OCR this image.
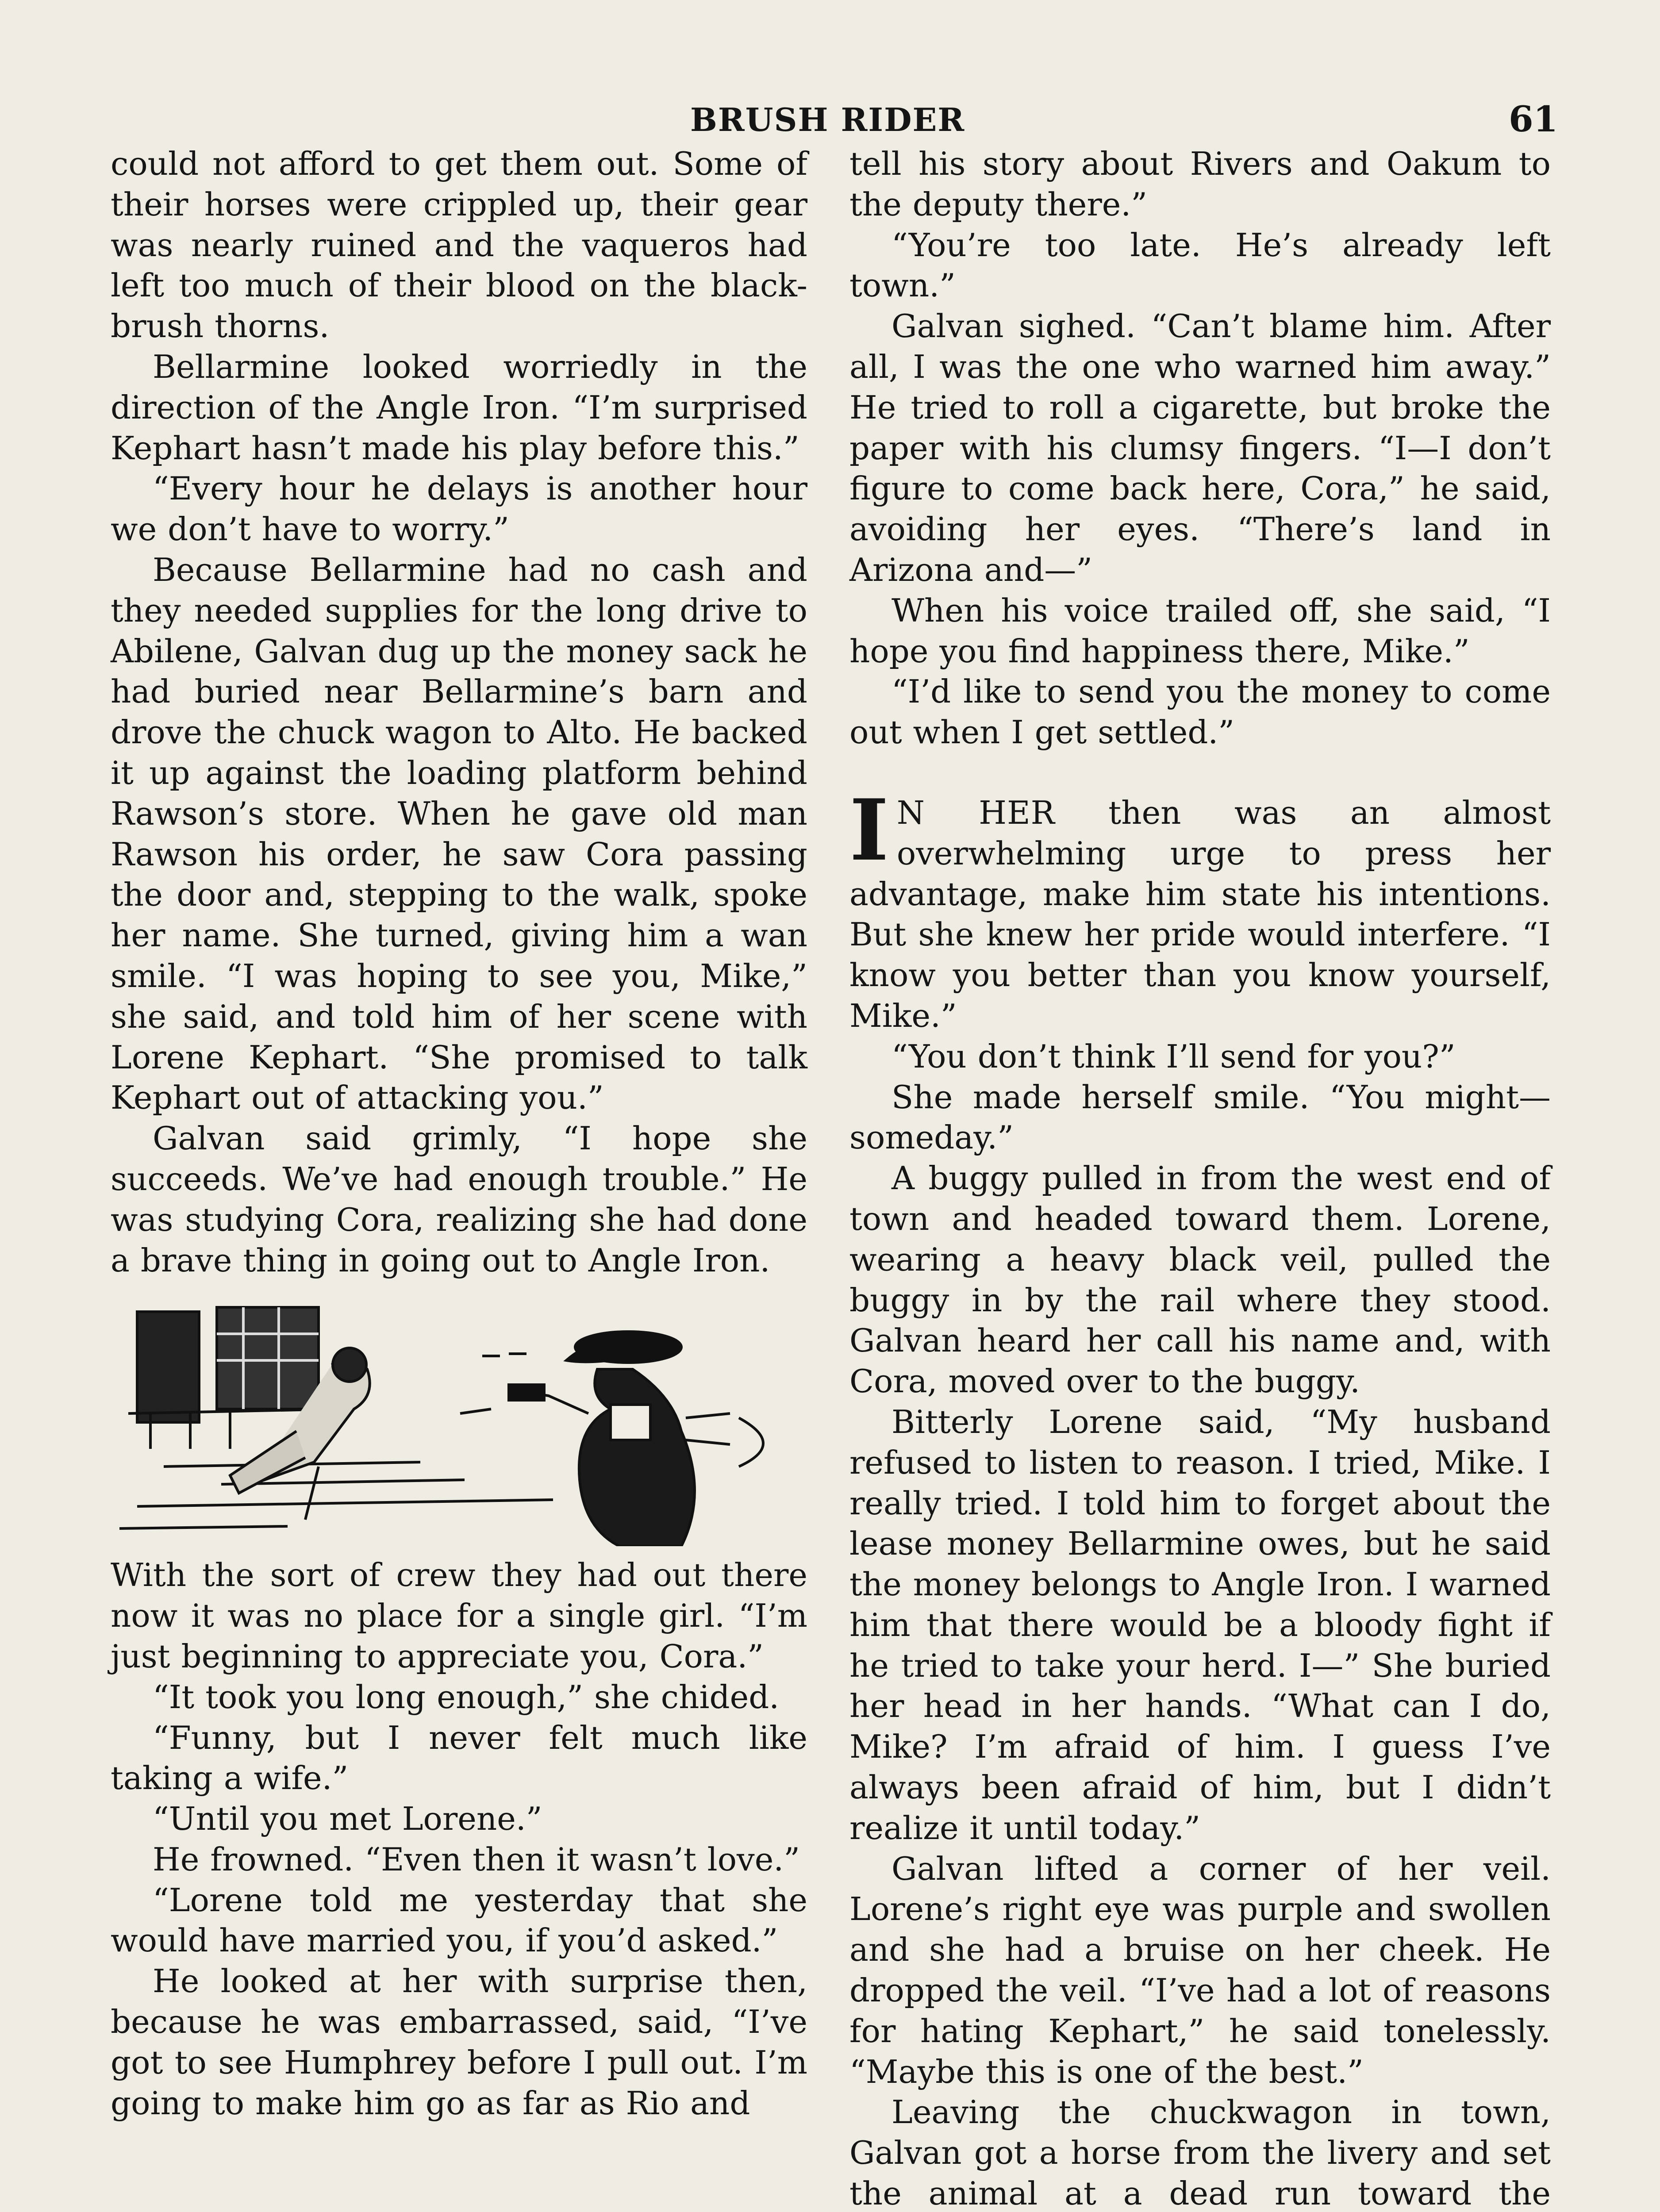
BRUSH RIDER	61

could not afford to get them out. Some of their horses were crippled up, their gear was nearly ruined and the vaqueros had left too much of their blood on the black-brush thorns.

Bellarmine looked worriedly in the direction of the Angle Iron. “I’m surprised Kephart hasn’t made his play before this.”

“Every hour he delays is another hour we don’t have to worry.”

Because Bellarmine had no cash and they needed supplies for the long drive to Abilene, Galvan dug up the money sack he had buried near Bellarmine’s barn and drove the chuck wagon to Alto. He backed it up against the loading platform behind Rawson’s store. When he gave old man Rawson his order, he saw Cora passing the door and, stepping to the walk, spoke her name. She turned, giving him a wan smile. “I was hoping to see you, Mike,” she said, and told him of her scene with Lorene Kephart. “She promised to talk Kephart out of attacking you.”

Galvan said grimly, “I hope she succeeds. We’ve had enough trouble.” He was studying Cora, realizing she had done a brave thing in going out to Angle Iron.

With the sort of crew they had out there now it was no place for a single girl. “I’m just beginning to appreciate you, Cora.”

“It took you long enough,” she chided.

“Funny, but I never felt much like taking a wife.”

“Until you met Lorene.”

He frowned. “Even then it wasn’t love.”

“Lorene told me yesterday that she would have married you, if you’d asked.”

He looked at her with surprise then, because he was embarrassed, said, “I’ve got to see Humphrey before I pull out. I’m going to make him go as far as Rio and

tell his story about Rivers and Oakum to the deputy there.”

“You’re too late. He’s already left town.”

Galvan sighed. “Can’t blame him. After all, I was the one who warned him away.” He tried to roll a cigarette, but broke the paper with his clumsy fingers. “I—I don’t figure to come back here, Cora,” he said, avoiding her eyes. “There’s land in Arizona and—”

When his voice trailed off, she said, “I hope you find happiness there, Mike.”

“I’d like to send you the money to come out when I get settled.”

I N HER then was an almost overwhelming urge to press her advantage, make him state his intentions. But she knew her pride would interfere. “I know you better than you know yourself, Mike.”

“You don’t think I’ll send for you?”

She made herself smile. “You might—someday.”

A buggy pulled in from the west end of town and headed toward them. Lorene, wearing a heavy black veil, pulled the buggy in by the rail where they stood. Galvan heard her call his name and, with Cora, moved over to the buggy.

Bitterly Lorene said, “My husband refused to listen to reason. I tried, Mike. I really tried. I told him to forget about the lease money Bellarmine owes, but he said the money belongs to Angle Iron. I warned him that there would be a bloody fight if he tried to take your herd. I—” She buried her head in her hands. “What can I do, Mike? I’m afraid of him. I guess I’ve always been afraid of him, but I didn’t realize it until today.”

Galvan lifted a corner of her veil. Lorene’s right eye was purple and swollen and she had a bruise on her cheek. He dropped the veil. “I’ve had a lot of reasons for hating Kephart,” he said tonelessly. “Maybe this is one of the best.”

Leaving the chuckwagon in town, Galvan got a horse from the livery and set the animal at a dead run toward the
